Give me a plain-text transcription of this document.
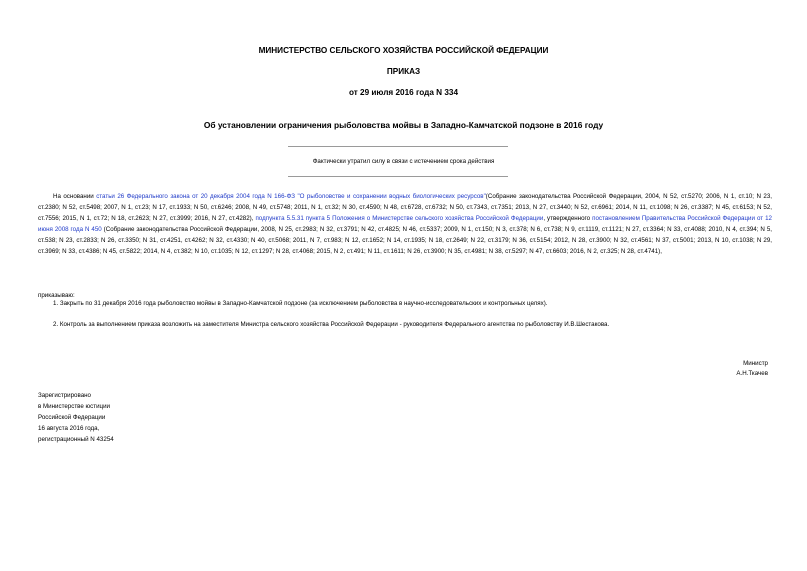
МИНИСТЕРСТВО СЕЛЬСКОГО ХОЗЯЙСТВА РОССИЙСКОЙ ФЕДЕРАЦИИ
ПРИКАЗ
от 29 июля 2016 года N 334
Об установлении ограничения рыболовства мойвы в Западно-Камчатской подзоне в 2016 году
Фактически утратил силу в связи с истечением срока действия

На основании статьи 26 Федерального закона от 20 декабря 2004 года N 166-ФЗ "О рыболовстве и сохранении водных биологических ресурсов"(Собрание законодательства Российской Федерации, 2004, N 52, ст.5270; 2006, N 1, ст.10; N 23, ст.2380; N 52, ст.5498; 2007, N 1, ст.23; N 17, ст.1933; N 50, ст.6246; 2008, N 49, ст.5748; 2011, N 1, ст.32; N 30, ст.4590; N 48, ст.6728, ст.6732; N 50, ст.7343, ст.7351; 2013, N 27, ст.3440; N 52, ст.6961; 2014, N 11, ст.1098; N 26, ст.3387; N 45, ст.6153; N 52, ст.7556; 2015, N 1, ст.72; N 18, ст.2623; N 27, ст.3999; 2016, N 27, ст.4282), подпункта 5.5.31 пункта 5 Положения о Министерстве сельского хозяйства Российской Федерации, утвержденного постановлением Правительства Российской Федерации от 12 июня 2008 года N 450 (Собрание законодательства Российской Федерации, 2008, N 25, ст.2983; N 32, ст.3791; N 42, ст.4825; N 46, ст.5337; 2009, N 1, ст.150; N 3, ст.378; N 6, ст.738; N 9, ст.1119, ст.1121; N 27, ст.3364; N 33, ст.4088; 2010, N 4, ст.394; N 5, ст.538; N 23, ст.2833; N 26, ст.3350; N 31, ст.4251, ст.4262; N 32, ст.4330; N 40, ст.5068; 2011, N 7, ст.983; N 12, ст.1652; N 14, ст.1935; N 18, ст.2649; N 22, ст.3179; N 36, ст.5154; 2012, N 28, ст.3900; N 32, ст.4561; N 37, ст.5001; 2013, N 10, ст.1038; N 29, ст.3969; N 33, ст.4386; N 45, ст.5822; 2014, N 4, ст.382; N 10, ст.1035; N 12, ст.1297; N 28, ст.4068; 2015, N 2, ст.491; N 11, ст.1611; N 26, ст.3900; N 35, ст.4981; N 38, ст.5297; N 47, ст.6603; 2016, N 2, ст.325; N 28, ст.4741),

приказываю:

1. Закрыть по 31 декабря 2016 года рыболовство мойвы в Западно-Камчатской подзоне (за исключением рыболовства в научно-исследовательских и контрольных целях).

2. Контроль за выполнением приказа возложить на заместителя Министра сельского хозяйства Российской Федерации - руководителя Федерального агентства по рыболовству И.В.Шестакова.

Министр
А.Н.Ткачев
Зарегистрировано
в Министерстве юстиции
Российской Федерации
16 августа 2016 года,
регистрационный N 43254
